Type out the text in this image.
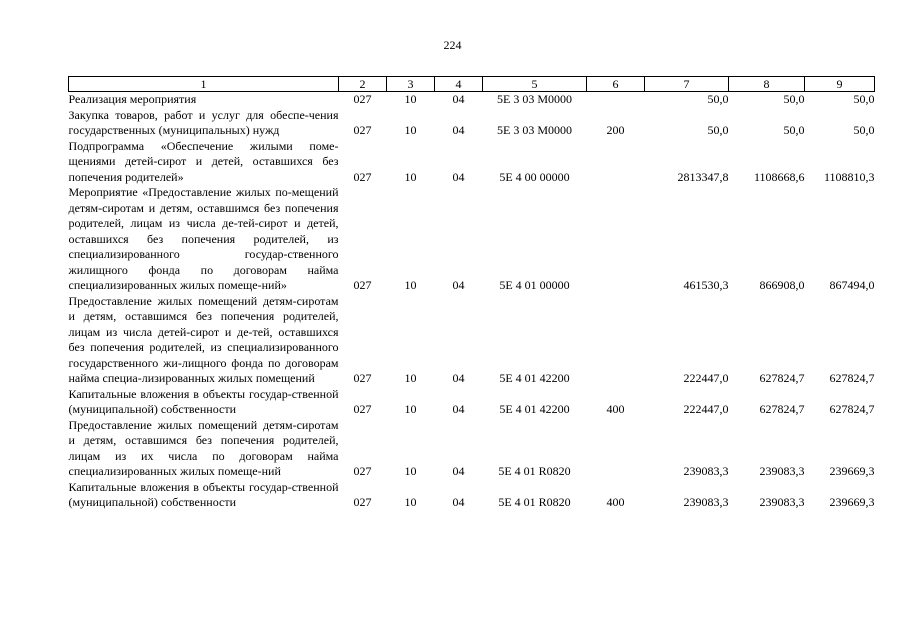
224
1	2	3	4	5	6	7	8	9

Реализация мероприятия	027	10	04	5Е 3 03 М0000		50,0	50,0	50,0

Закупка товаров, работ и услуг для обеспе-чения государственных (муниципальных) нужд	027	10	04	5Е 3 03 М0000	200	50,0	50,0	50,0

Подпрограмма «Обеспечение жилыми поме-щениями детей-сирот и детей, оставшихся без попечения родителей»	027	10	04	5Е 4 00 00000		2813347,8	1108668,6	1108810,3

Мероприятие «Предоставление жилых по-мещений детям-сиротам и детям, оставшимся без попечения родителей, лицам из числа де-тей-сирот и детей, оставшихся без попечения родителей, из специализированного государ-ственного жилищного фонда по договорам найма специализированных жилых помеще-ний»	027	10	04	5Е 4 01 00000		461530,3	866908,0	867494,0

Предоставление жилых помещений детям-сиротам и детям, оставшимся без попечения родителей, лицам из числа детей-сирот и де-тей, оставшихся без попечения родителей, из специализированного государственного жи-лищного фонда по договорам найма специа-лизированных жилых помещений	027	10	04	5Е 4 01 42200		222447,0	627824,7	627824,7

Капитальные вложения в объекты государ-ственной (муниципальной) собственности	027	10	04	5Е 4 01 42200	400	222447,0	627824,7	627824,7

Предоставление жилых помещений детям-сиротам и детям, оставшимся без попечения родителей, лицам из их числа по договорам найма специализированных жилых помеще-ний	027	10	04	5Е 4 01 R0820		239083,3	239083,3	239669,3

Капитальные вложения в объекты государ-ственной (муниципальной) собственности	027	10	04	5Е 4 01 R0820	400	239083,3	239083,3	239669,3
